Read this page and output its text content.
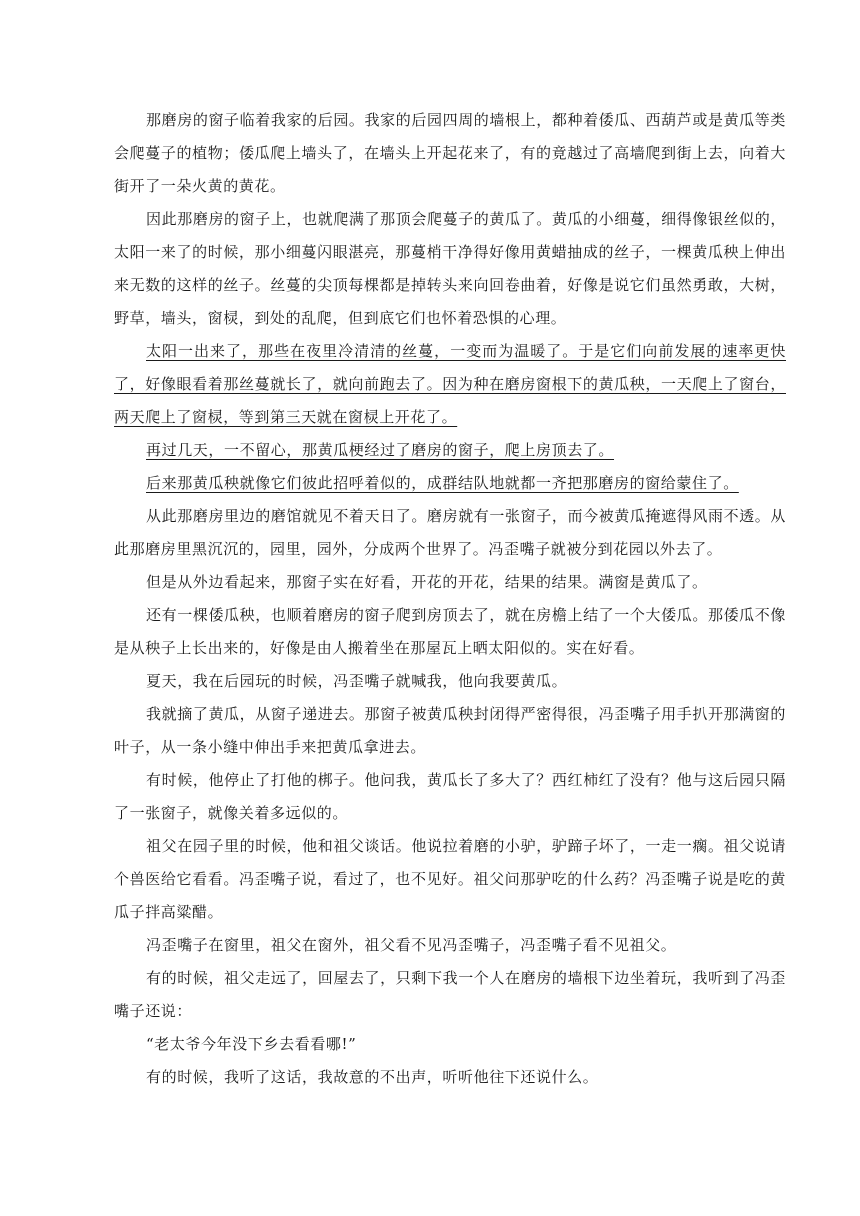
那磨房的窗子临着我家的后园。我家的后园四周的墙根上，都种着倭瓜、西葫芦或是黄瓜等类会爬蔓子的植物；倭瓜爬上墙头了，在墙头上开起花来了，有的竟越过了高墙爬到街上去，向着大街开了一朵火黄的黄花。

因此那磨房的窗子上，也就爬满了那顶会爬蔓子的黄瓜了。黄瓜的小细蔓，细得像银丝似的，太阳一来了的时候，那小细蔓闪眼湛亮，那蔓梢干净得好像用黄蜡抽成的丝子，一棵黄瓜秧上伸出来无数的这样的丝子。丝蔓的尖顶每棵都是掉转头来向回卷曲着，好像是说它们虽然勇敢，大树，野草，墙头，窗棂，到处的乱爬，但到底它们也怀着恐惧的心理。

太阳一出来了，那些在夜里冷清清的丝蔓，一变而为温暖了。于是它们向前发展的速率更快了，好像眼看着那丝蔓就长了，就向前跑去了。因为种在磨房窗根下的黄瓜秧，一天爬上了窗台，两天爬上了窗棂，等到第三天就在窗棂上开花了。

再过几天，一不留心，那黄瓜梗经过了磨房的窗子，爬上房顶去了。

后来那黄瓜秧就像它们彼此招呼着似的，成群结队地就都一齐把那磨房的窗给蒙住了。

从此那磨房里边的磨馆就见不着天日了。磨房就有一张窗子，而今被黄瓜掩遮得风雨不透。从此那磨房里黑沉沉的，园里，园外，分成两个世界了。冯歪嘴子就被分到花园以外去了。

但是从外边看起来，那窗子实在好看，开花的开花，结果的结果。满窗是黄瓜了。

还有一棵倭瓜秧，也顺着磨房的窗子爬到房顶去了，就在房檐上结了一个大倭瓜。那倭瓜不像是从秧子上长出来的，好像是由人搬着坐在那屋瓦上晒太阳似的。实在好看。

夏天，我在后园玩的时候，冯歪嘴子就喊我，他向我要黄瓜。

我就摘了黄瓜，从窗子递进去。那窗子被黄瓜秧封闭得严密得很，冯歪嘴子用手扒开那满窗的叶子，从一条小缝中伸出手来把黄瓜拿进去。

有时候，他停止了打他的梆子。他问我，黄瓜长了多大了？西红柿红了没有？他与这后园只隔了一张窗子，就像关着多远似的。

祖父在园子里的时候，他和祖父谈话。他说拉着磨的小驴，驴蹄子坏了，一走一瘸。祖父说请个兽医给它看看。冯歪嘴子说，看过了，也不见好。祖父问那驴吃的什么药？冯歪嘴子说是吃的黄瓜子拌高粱醋。

冯歪嘴子在窗里，祖父在窗外，祖父看不见冯歪嘴子，冯歪嘴子看不见祖父。

有的时候，祖父走远了，回屋去了，只剩下我一个人在磨房的墙根下边坐着玩，我听到了冯歪嘴子还说：

“老太爷今年没下乡去看看哪!”

有的时候，我听了这话，我故意的不出声，听听他往下还说什么。
